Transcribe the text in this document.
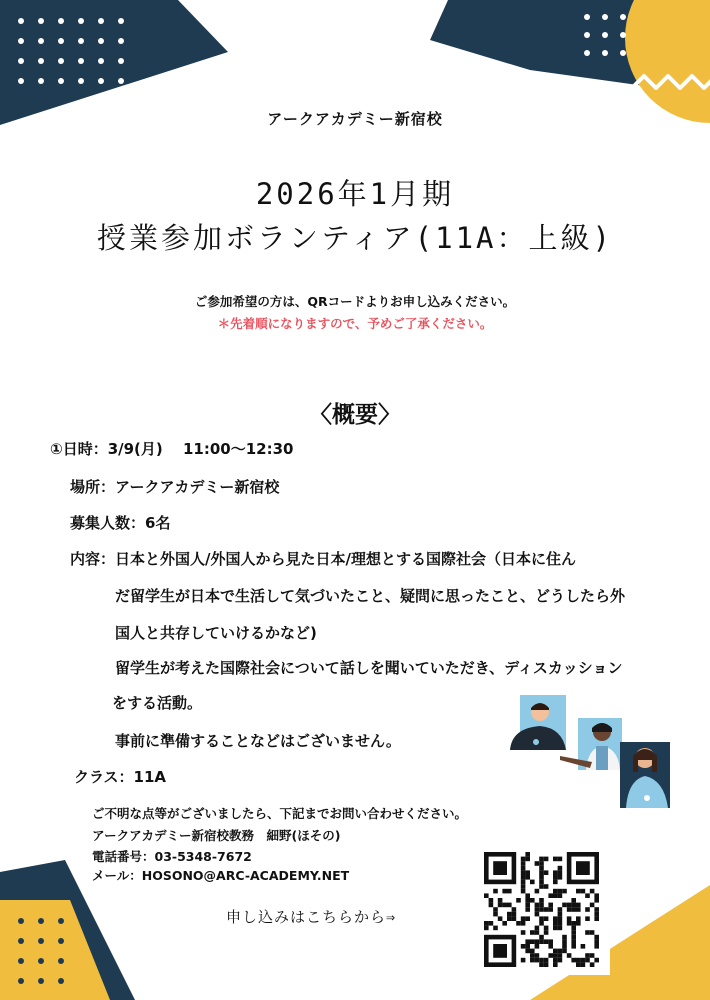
アークアカデミー新宿校
2026年1月期
授業参加ボランティア(11A：上級)
ご参加希望の方は、QRコードよりお申し込みください。
＊先着順になりますので、予めご了承ください。
〈概要〉
①日時：3/9(月)　 11:00〜12:30
場所：アークアカデミー新宿校
募集人数：6名
内容：日本と外国人/外国人から見た日本/理想とする国際社会（日本に住ん
だ留学生が日本で生活して気づいたこと、疑問に思ったこと、どうしたら外
国人と共存していけるかなど)
留学生が考えた国際社会について話しを聞いていただき、ディスカッション
をする活動。
事前に準備することなどはございません。
クラス：11A
ご不明な点等がございましたら、下記までお問い合わせください。
アークアカデミー新宿校教務　細野(ほその)
電話番号：03-5348-7672
メール：HOSONO@ARC-ACADEMY.NET
申し込みはこちらから⇒
